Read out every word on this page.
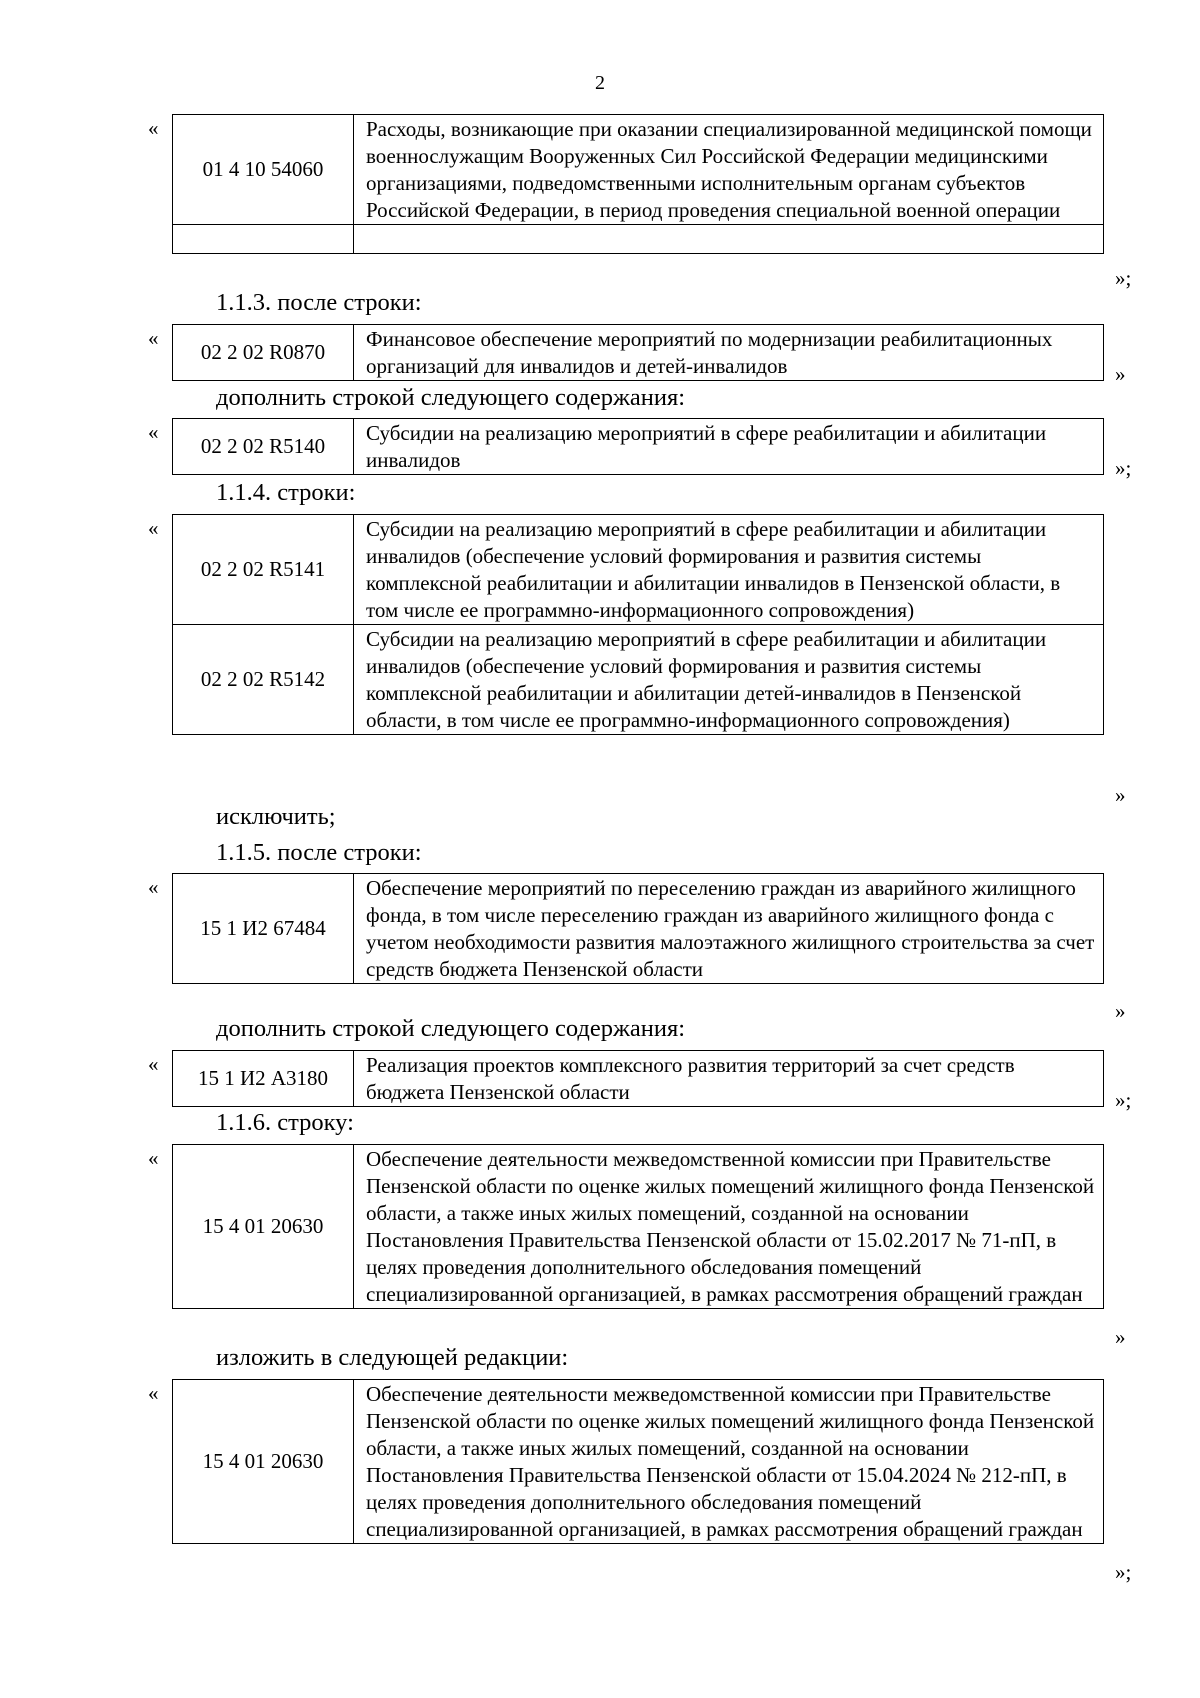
2
«
01 4 10 54060	Расходы, возникающие при оказании специализированной медицинской помощи военнослужащим Вооруженных Сил Российской Федерации медицинскими организациями, подведомственными исполнительным органам субъектов Российской Федерации, в период проведения специальной военной операции

»;
1.1.3. после строки:
«
02 2 02 R0870	Финансовое обеспечение мероприятий по модернизации реабилитационных организаций для инвалидов и детей-инвалидов	»
дополнить строкой следующего содержания:
«
02 2 02 R5140	Субсидии на реализацию мероприятий в сфере реабилитации и абилитации инвалидов	»;
1.1.4. строки:
«
02 2 02 R5141	Субсидии на реализацию мероприятий в сфере реабилитации и абилитации инвалидов (обеспечение условий формирования и развития системы комплексной реабилитации и абилитации инвалидов в Пензенской области, в том числе ее программно-информационного сопровождения)
02 2 02 R5142	Субсидии на реализацию мероприятий в сфере реабилитации и абилитации инвалидов (обеспечение условий формирования и развития системы комплексной реабилитации и абилитации детей-инвалидов в Пензенской области, в том числе ее программно-информационного сопровождения)
»
исключить;
1.1.5. после строки:
«
15 1 И2 67484	Обеспечение мероприятий по переселению граждан из аварийного жилищного фонда, в том числе переселению граждан из аварийного жилищного фонда с учетом необходимости развития малоэтажного жилищного строительства за счет средств бюджета Пензенской области
»
дополнить строкой следующего содержания:
«
15 1 И2 А3180	Реализация проектов комплексного развития территорий за счет средств бюджета Пензенской области	»;
1.1.6. строку:
«
15 4 01 20630	Обеспечение деятельности межведомственной комиссии при Правительстве Пензенской области по оценке жилых помещений жилищного фонда Пензенской области, а также иных жилых помещений, созданной на основании Постановления Правительства Пензенской области от 15.02.2017 № 71-пП, в целях проведения дополнительного обследования помещений специализированной организацией, в рамках рассмотрения обращений граждан
»
изложить в следующей редакции:
«
15 4 01 20630	Обеспечение деятельности межведомственной комиссии при Правительстве Пензенской области по оценке жилых помещений жилищного фонда Пензенской области, а также иных жилых помещений, созданной на основании Постановления Правительства Пензенской области от 15.04.2024 № 212-пП, в целях проведения дополнительного обследования помещений специализированной организацией, в рамках рассмотрения обращений граждан
»;
